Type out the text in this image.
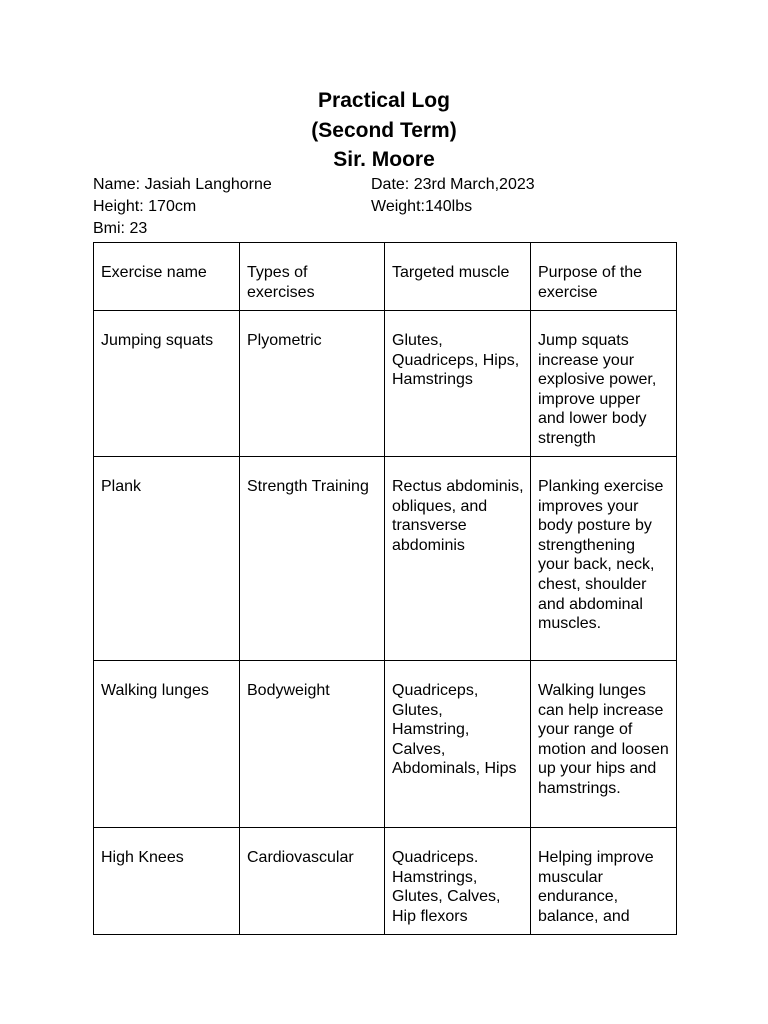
Practical Log
(Second Term)
Sir. Moore
Name: Jasiah Langhorne	Date: 23rd March,2023
Height: 170cm	Weight:140lbs
Bmi: 23
Exercise name	Types of exercises	Targeted muscle	Purpose of the exercise
Jumping squats	Plyometric	Glutes, Quadriceps, Hips, Hamstrings	Jump squats increase your explosive power, improve upper and lower body strength
Plank	Strength Training	Rectus abdominis, obliques, and transverse abdominis	Planking exercise improves your body posture by strengthening your back, neck, chest, shoulder and abdominal muscles.
Walking lunges	Bodyweight	Quadriceps, Glutes, Hamstring, Calves, Abdominals, Hips	Walking lunges can help increase your range of motion and loosen up your hips and hamstrings.
High Knees	Cardiovascular	Quadriceps. Hamstrings, Glutes, Calves, Hip flexors	Helping improve muscular endurance, balance, and
